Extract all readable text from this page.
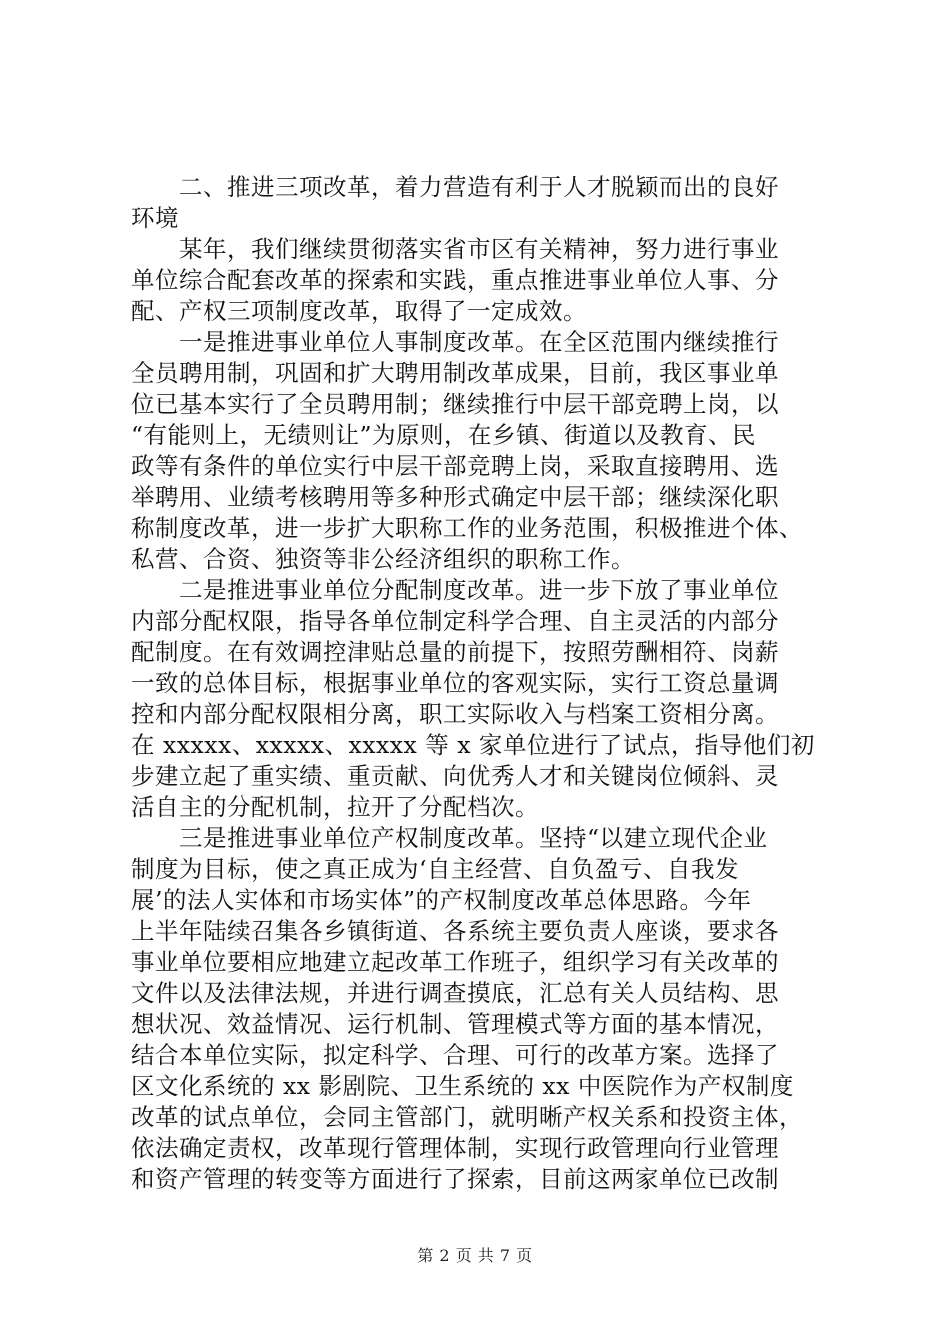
二、推进三项改革，着力营造有利于人才脱颖而出的良好
环境
某年，我们继续贯彻落实省市区有关精神，努力进行事业
单位综合配套改革的探索和实践，重点推进事业单位人事、分
配、产权三项制度改革，取得了一定成效。
一是推进事业单位人事制度改革。在全区范围内继续推行
全员聘用制，巩固和扩大聘用制改革成果，目前，我区事业单
位已基本实行了全员聘用制；继续推行中层干部竞聘上岗，以
“有能则上，无绩则让”为原则，在乡镇、街道以及教育、民
政等有条件的单位实行中层干部竞聘上岗，采取直接聘用、选
举聘用、业绩考核聘用等多种形式确定中层干部；继续深化职
称制度改革，进一步扩大职称工作的业务范围，积极推进个体、
私营、合资、独资等非公经济组织的职称工作。
二是推进事业单位分配制度改革。进一步下放了事业单位
内部分配权限，指导各单位制定科学合理、自主灵活的内部分
配制度。在有效调控津贴总量的前提下，按照劳酬相符、岗薪
一致的总体目标，根据事业单位的客观实际，实行工资总量调
控和内部分配权限相分离，职工实际收入与档案工资相分离。
在 xxxxx、xxxxx、xxxxx 等 x 家单位进行了试点，指导他们初
步建立起了重实绩、重贡献、向优秀人才和关键岗位倾斜、灵
活自主的分配机制，拉开了分配档次。
三是推进事业单位产权制度改革。坚持“以建立现代企业
制度为目标，使之真正成为‘自主经营、自负盈亏、自我发
展’的法人实体和市场实体”的产权制度改革总体思路。今年
上半年陆续召集各乡镇街道、各系统主要负责人座谈，要求各
事业单位要相应地建立起改革工作班子，组织学习有关改革的
文件以及法律法规，并进行调查摸底，汇总有关人员结构、思
想状况、效益情况、运行机制、管理模式等方面的基本情况，
结合本单位实际，拟定科学、合理、可行的改革方案。选择了
区文化系统的 xx 影剧院、卫生系统的 xx 中医院作为产权制度
改革的试点单位，会同主管部门，就明晰产权关系和投资主体，
依法确定责权，改革现行管理体制，实现行政管理向行业管理
和资产管理的转变等方面进行了探索，目前这两家单位已改制
第 2 页 共 7 页
